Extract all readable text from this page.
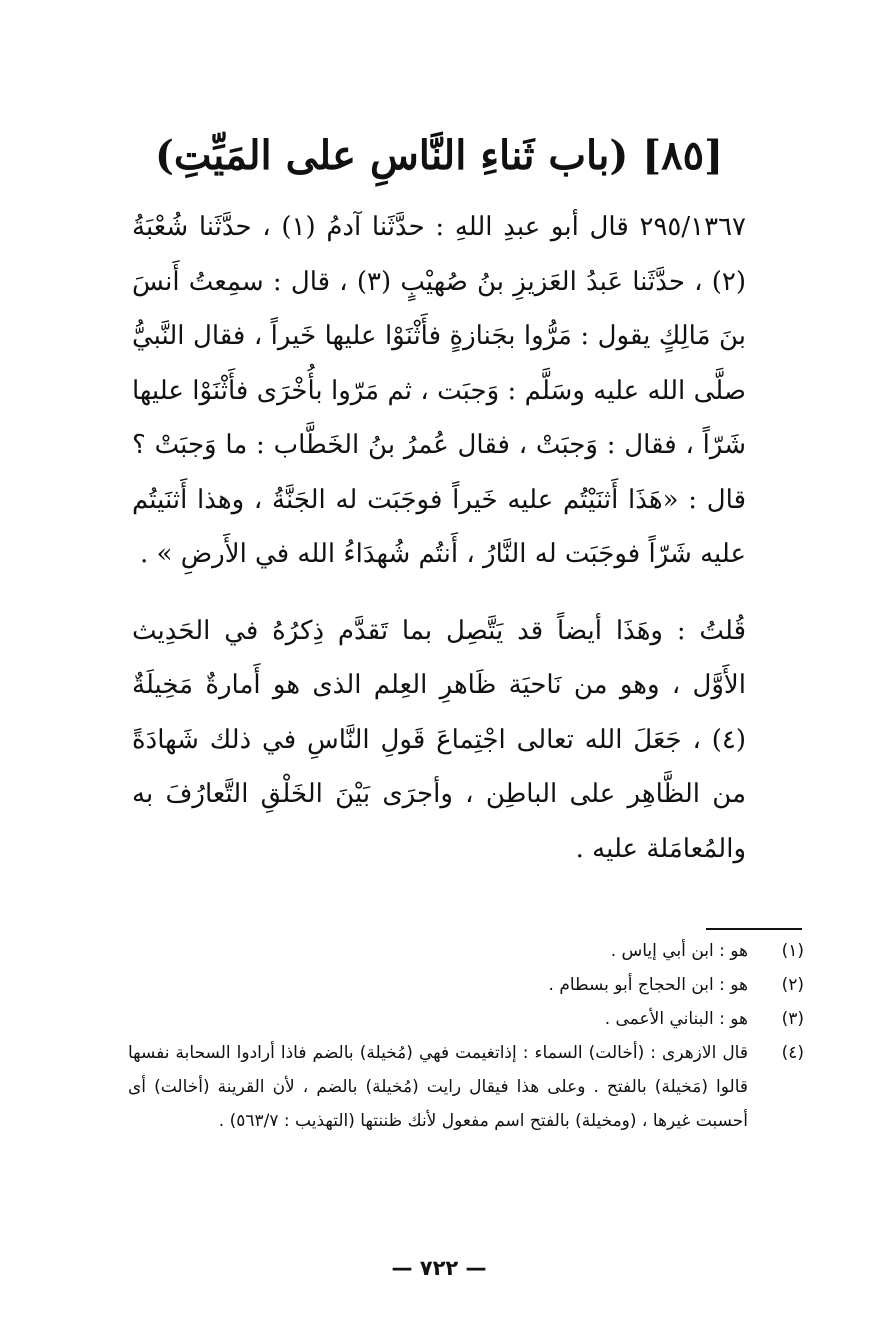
[٨٥] (باب ثَناءِ النَّاسِ على المَيِّتِ)

٢٩٥/١٣٦٧ قال أبو عبدِ اللهِ : حدَّثَنا آدمُ (١) ، حدَّثَنا شُعْبَةُ (٢) ، حدَّثَنا عَبدُ العَزيزِ بنُ صُهيْبٍ (٣) ، قال : سمِعتُ أَنسَ بنَ مَالِكٍ يقول : مَرُّوا بجَنازةٍ فأَثْنَوْا عليها خَيراً ، فقال النَّبيُّ صلَّى الله عليه وسَلَّم : وَجبَت ، ثم مَرّوا بأُخْرَى فأَثْنَوْا عليها شَرّاً ، فقال : وَجبَتْ ، فقال عُمرُ بنُ الخَطَّاب : ما وَجبَتْ ؟ قال : «هَذَا أَثنَيْتُم عليه خَيراً فوجَبَت له الجَنَّةُ ، وهذا أَثنَيتُم عليه شَرّاً فوجَبَت له النَّارُ ، أَنتُم شُهدَاءُ الله في الأَرضِ » .

قُلتُ : وهَذَا أيضاً قد يَتَّصِل بما تَقدَّم ذِكرُهُ في الحَدِيث الأَوَّل ، وهو من نَاحيَة ظَاهرِ العِلم الذى هو أَمارةٌ مَخِيلَةٌ (٤) ، جَعَلَ الله تعالى اجْتِماعَ قَولِ النَّاسِ في ذلك شَهادَةً من الظَّاهِر على الباطِن ، وأجرَى بَيْنَ الخَلْقِ التَّعارُفَ به والمُعامَلة عليه .

(١)
هو : ابن أبي إياس .
(٢)
هو : ابن الحجاج أبو بسطام .
(٣)
هو : البناني الأعمى .
(٤)
قال الازهرى : (أخالت) السماء : إذاتغيمت فهي (مُخيلة) بالضم فاذا أرادوا السحابة نفسها قالوا (مَخيلة) بالفتح . وعلى هذا فيقال رايت (مُخيلة) بالضم ، لأن القرينة (أخالت) أى أحسبت غيرها ، (ومخيلة) بالفتح اسم مفعول لأنك ظننتها (التهذيب : ٥٦٣/٧) .
— ٧٢٢ —
